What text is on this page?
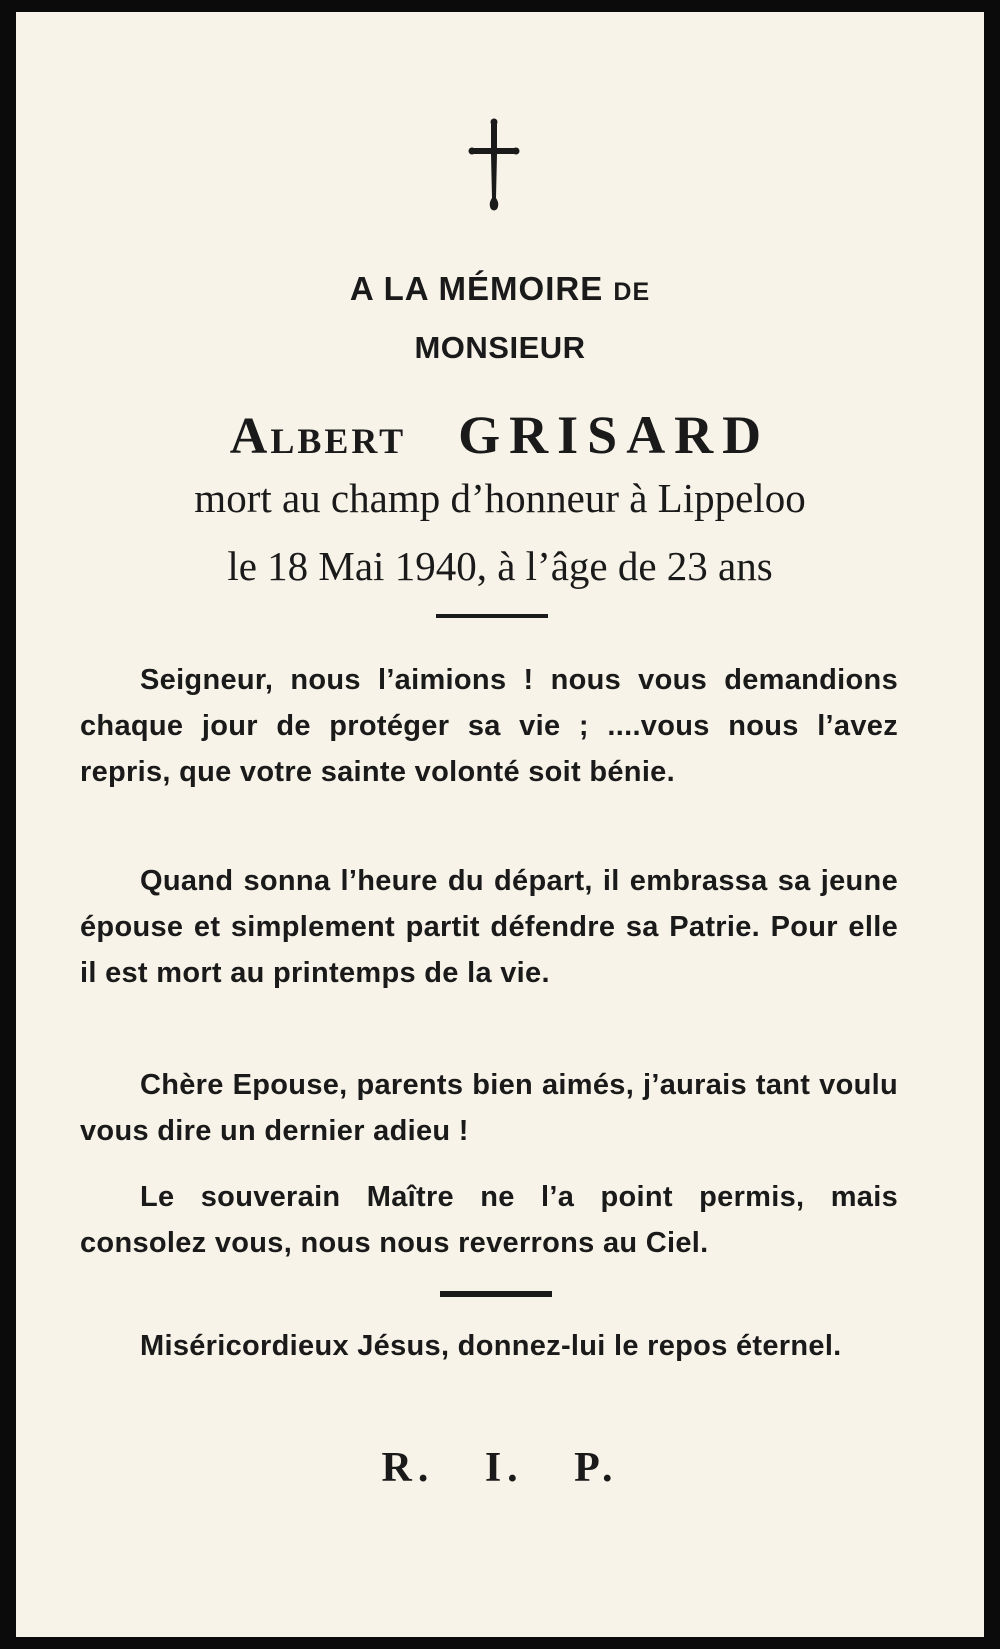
A LA MÉMOIRE DE
MONSIEUR
Albert GRISARD
mort au champ d’honneur à Lippeloo
le 18 Mai 1940, à l’âge de 23 ans
Seigneur, nous l’aimions ! nous vous demandions chaque jour de protéger sa vie ; ....vous nous l’avez repris, que votre sainte volonté soit bénie.
Quand sonna l’heure du départ, il embrassa sa jeune épouse et simplement partit défendre sa Patrie. Pour elle il est mort au printemps de la vie.
Chère Epouse, parents bien aimés, j’aurais tant voulu vous dire un dernier adieu !
Le souverain Maître ne l’a point permis, mais consolez vous, nous nous reverrons au Ciel.
Miséricordieux Jésus, donnez-lui le repos éternel.
R. I. P.
